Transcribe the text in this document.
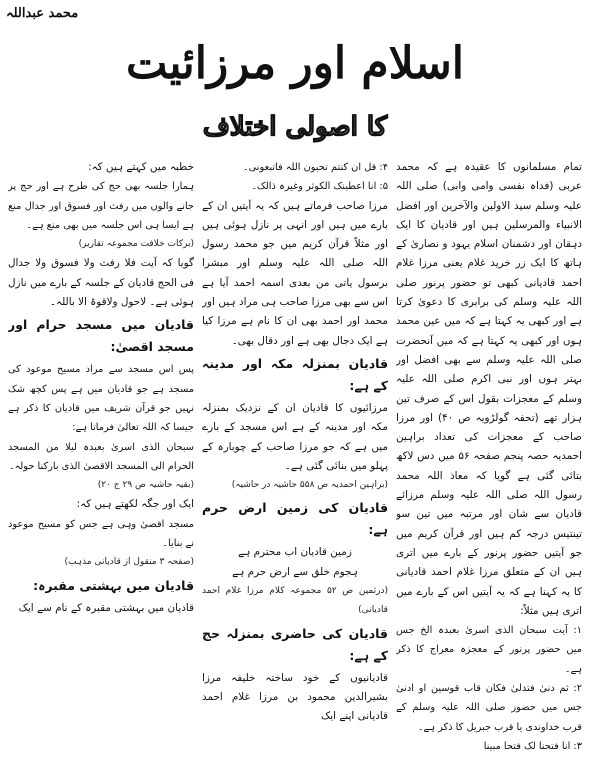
محمد عبداللہ
اسلام اور مرزائیت
کا اصولی اختلاف

تمام مسلمانوں کا عقیدہ ہے کہ محمد عربی (فداہ نفسی وامی وابی) صلی اللہ علیہ وسلم سید الاولین والآخرین اور افضل الانبیاء والمرسلین ہیں اور قادیان کا ایک دہقان اور دشمنان اسلام یہود و نصاریٰ کے ہاتھ کا ایک زر خرید غلام یعنی مرزا غلام احمد قادیانی کبھی تو حضور پرنور صلی اللہ علیہ وسلم کی برابری کا دعویٰ کرتا ہے اور کبھی یہ کہتا ہے کہ میں عین محمد ہوں اور کبھی یہ کہتا ہے کہ میں آنحضرت صلی اللہ علیہ وسلم سے بھی افضل اور بہتر ہوں اور نبی اکرم صلی اللہ علیہ وسلم کے معجزات بقول اس کے صرف تین ہزار تھے (تحفہ گولڑویہ ص ۴۰) اور مرزا صاحب کے معجزات کی تعداد براہین احمدیہ حصہ پنجم صفحہ ۵۶ میں دس لاکھ بتائی گئی ہے گویا کہ معاذ اللہ محمد رسول اللہ صلی اللہ علیہ وسلم مرزائے قادیان سے شان اور مرتبہ میں تین سو تینتیس درجہ کم ہیں اور قرآن کریم میں جو آیتیں حضور پرنور کے بارے میں اتری ہیں ان کے متعلق مرزا غلام احمد قادیانی کا یہ کہنا ہے کہ یہ آیتیں اس کے بارے میں اتری ہیں مثلاً:

۱: آیت سبحان الذی اسریٰ بعبدہ الخ جس میں حضور پرنور کے معجزہ معراج کا ذکر ہے۔

۲: ثم دنیٰ فتدلیٰ فکان قاب قوسین او ادنیٰ جس میں حضور صلی اللہ علیہ وسلم کے قرب خداوندی یا قرب جبریل کا ذکر ہے۔

۳: انا فتحنا لک فتحا مبینا

۴: قل ان کنتم تحبون اللہ فاتبعونی۔

۵: انا اعطینک الکوثر وغیرہ ذالک۔

مرزا صاحب فرماتے ہیں کہ یہ آیتیں ان کے بارے میں ہیں اور انہی پر نازل ہوئی ہیں اور مثلاً قرآن کریم میں جو محمد رسول اللہ صلی اللہ علیہ وسلم اور مبشرا برسول یاتی من بعدی اسمہ احمد آیا ہے اس سے بھی مرزا صاحب ہی مراد ہیں اور محمد اور احمد بھی ان کا نام ہے مرزا کیا ہے ایک دجال بھی ہے اور دقال بھی۔

قادیان بمنزلہ مکہ اور مدینہ کے ہے:

مرزائیوں کا قادیان ان کے نزدیک بمنزلہ مکہ اور مدینہ کے ہے اس مسجد کے بارے میں ہے کہ جو مرزا صاحب کے چوبارہ کے پہلو میں بنائی گئی ہے۔

(براہین احمدیہ ص ۵۵۸ حاشیہ در حاشیہ)

قادیان کی زمین ارض حرم ہے:

زمین قادیان اب محترم ہے

ہجوم خلق سے ارض حرم ہے

(درثمین ص ۵۲ مجموعہ کلام مرزا غلام احمد قادیانی)

قادیان کی حاضری بمنزلہ حج کے ہے:

قادیانیوں کے خود ساختہ خلیفہ مرزا بشیرالدین محمود بن مرزا غلام احمد قادیانی اپنے ایک

خطبہ میں کہتے ہیں کہ:

ہمارا جلسہ بھی حج کی طرح ہے اور حج پر جانے والوں میں رفث اور فسوق اور جدال منع ہے ایسا ہی اس جلسہ میں بھی منع ہے۔

(برکات خلافت مجموعہ تقاریر)

گویا کہ آیت فلا رفث ولا فسوق ولا جدال فی الحج قادیان کے جلسہ کے بارے میں نازل ہوئی ہے۔ لاحول ولاقوۃ الا باللہ۔

قادیان میں مسجد حرام اور مسجد اقصیٰ:

پس اس مسجد سے مراد مسیح موعود کی مسجد ہے جو قادیان میں ہے پس کچھ شک نہیں جو قرآن شریف میں قادیان کا ذکر ہے جیسا کہ اللہ تعالیٰ فرماتا ہے:

سبحان الذی اسریٰ بعبدہ لیلا من المسجد الحرام الی المسجد الاقصیٰ الذی بارکنا حولہ۔

(بقیہ حاشیہ ص ۲۹ ج ۲۰)

ایک اور جگہ لکھتے ہیں کہ:

مسجد اقصیٰ وہی ہے جس کو مسیح موعود نے بنایا۔

(صفحہ ۳ منقول از قادیانی مذہب)

قادیان میں بہشتی مقبرہ:

قادیان میں بہشتی مقبرہ کے نام سے ایک
